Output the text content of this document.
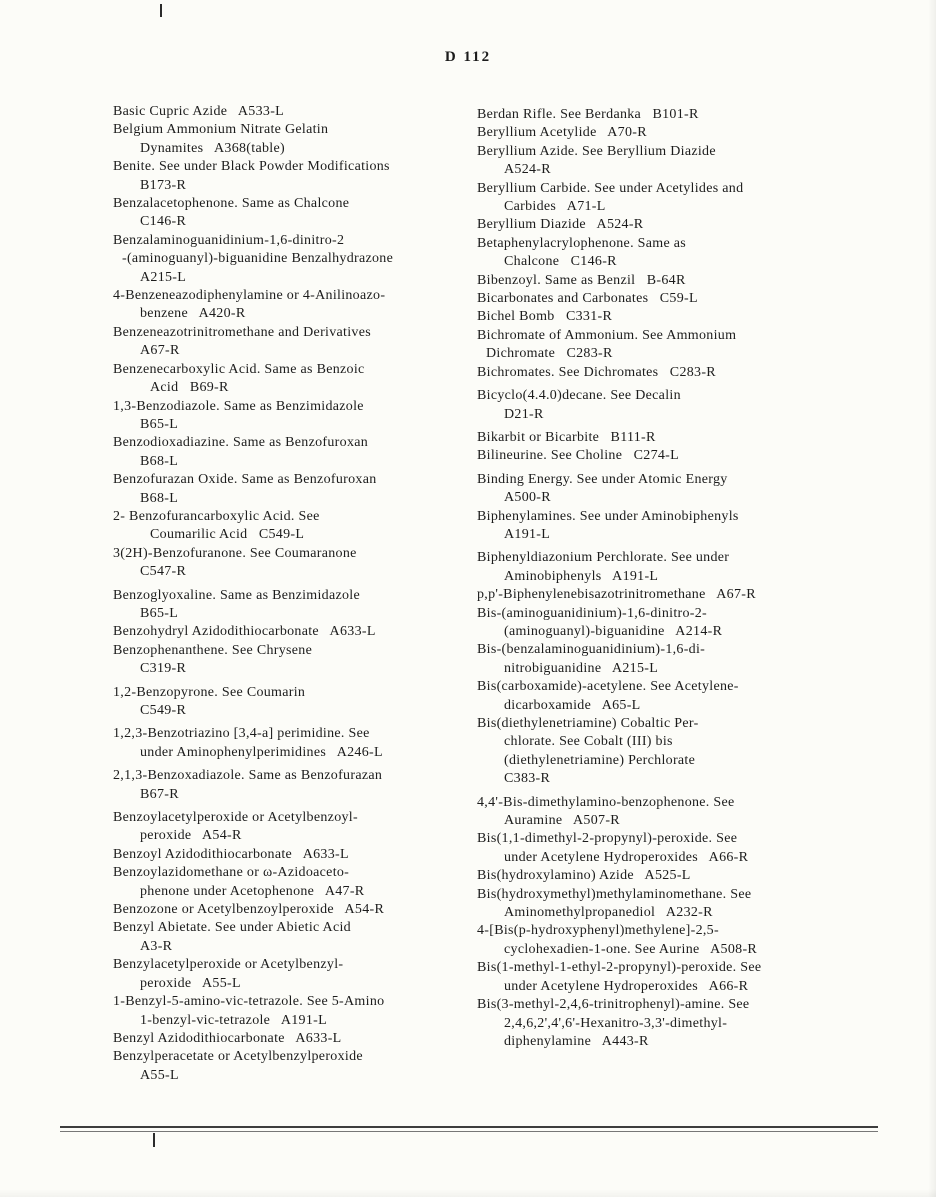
D 112
Basic Cupric Azide   A533-L
Belgium Ammonium Nitrate Gelatin
Dynamites   A368(table)
Benite. See under Black Powder Modifications
B173-R
Benzalacetophenone. Same as Chalcone
C146-R
Benzalaminoguanidinium-1,6-dinitro-2
-(aminoguanyl)-biguanidine Benzalhydrazone
A215-L
4-Benzeneazodiphenylamine or 4-Anilinoazo-
benzene   A420-R
Benzeneazotrinitromethane and Derivatives
A67-R
Benzenecarboxylic Acid. Same as Benzoic
Acid   B69-R
1,3-Benzodiazole. Same as Benzimidazole
B65-L
Benzodioxadiazine. Same as Benzofuroxan
B68-L
Benzofurazan Oxide. Same as Benzofuroxan
B68-L
2- Benzofurancarboxylic Acid. See
Coumarilic Acid   C549-L
3(2H)-Benzofuranone. See Coumaranone
C547-R
Benzoglyoxaline. Same as Benzimidazole
B65-L
Benzohydryl Azidodithiocarbonate   A633-L
Benzophenanthene. See Chrysene
C319-R
1,2-Benzopyrone. See Coumarin
C549-R
1,2,3-Benzotriazino [3,4-a] perimidine. See
under Aminophenylperimidines   A246-L
2,1,3-Benzoxadiazole. Same as Benzofurazan
B67-R
Benzoylacetylperoxide or Acetylbenzoyl-
peroxide   A54-R
Benzoyl Azidodithiocarbonate   A633-L
Benzoylazidomethane or ω-Azidoaceto-
phenone under Acetophenone   A47-R
Benzozone or Acetylbenzoylperoxide   A54-R
Benzyl Abietate. See under Abietic Acid
A3-R
Benzylacetylperoxide or Acetylbenzyl-
peroxide   A55-L
1-Benzyl-5-amino-vic-tetrazole. See 5-Amino
1-benzyl-vic-tetrazole   A191-L
Benzyl Azidodithiocarbonate   A633-L
Benzylperacetate or Acetylbenzylperoxide
A55-L
Berdan Rifle. See Berdanka   B101-R
Beryllium Acetylide   A70-R
Beryllium Azide. See Beryllium Diazide
A524-R
Beryllium Carbide. See under Acetylides and
Carbides   A71-L
Beryllium Diazide   A524-R
Betaphenylacrylophenone. Same as
Chalcone   C146-R
Bibenzoyl. Same as Benzil   B-64R
Bicarbonates and Carbonates   C59-L
Bichel Bomb   C331-R
Bichromate of Ammonium. See Ammonium
Dichromate   C283-R
Bichromates. See Dichromates   C283-R
Bicyclo(4.4.0)decane. See Decalin
D21-R
Bikarbit or Bicarbite   B111-R
Bilineurine. See Choline   C274-L
Binding Energy. See under Atomic Energy
A500-R
Biphenylamines. See under Aminobiphenyls
A191-L
Biphenyldiazonium Perchlorate. See under
Aminobiphenyls   A191-L
p,p'-Biphenylenebisazotrinitromethane   A67-R
Bis-(aminoguanidinium)-1,6-dinitro-2-
(aminoguanyl)-biguanidine   A214-R
Bis-(benzalaminoguanidinium)-1,6-di-
nitrobiguanidine   A215-L
Bis(carboxamide)-acetylene. See Acetylene-
dicarboxamide   A65-L
Bis(diethylenetriamine) Cobaltic Per-
chlorate. See Cobalt (III) bis
(diethylenetriamine) Perchlorate
C383-R
4,4'-Bis-dimethylamino-benzophenone. See
Auramine   A507-R
Bis(1,1-dimethyl-2-propynyl)-peroxide. See
under Acetylene Hydroperoxides   A66-R
Bis(hydroxylamino) Azide   A525-L
Bis(hydroxymethyl)methylaminomethane. See
Aminomethylpropanediol   A232-R
4-[Bis(p-hydroxyphenyl)methylene]-2,5-
cyclohexadien-1-one. See Aurine   A508-R
Bis(1-methyl-1-ethyl-2-propynyl)-peroxide. See
under Acetylene Hydroperoxides   A66-R
Bis(3-methyl-2,4,6-trinitrophenyl)-amine. See
2,4,6,2',4',6'-Hexanitro-3,3'-dimethyl-
diphenylamine   A443-R
